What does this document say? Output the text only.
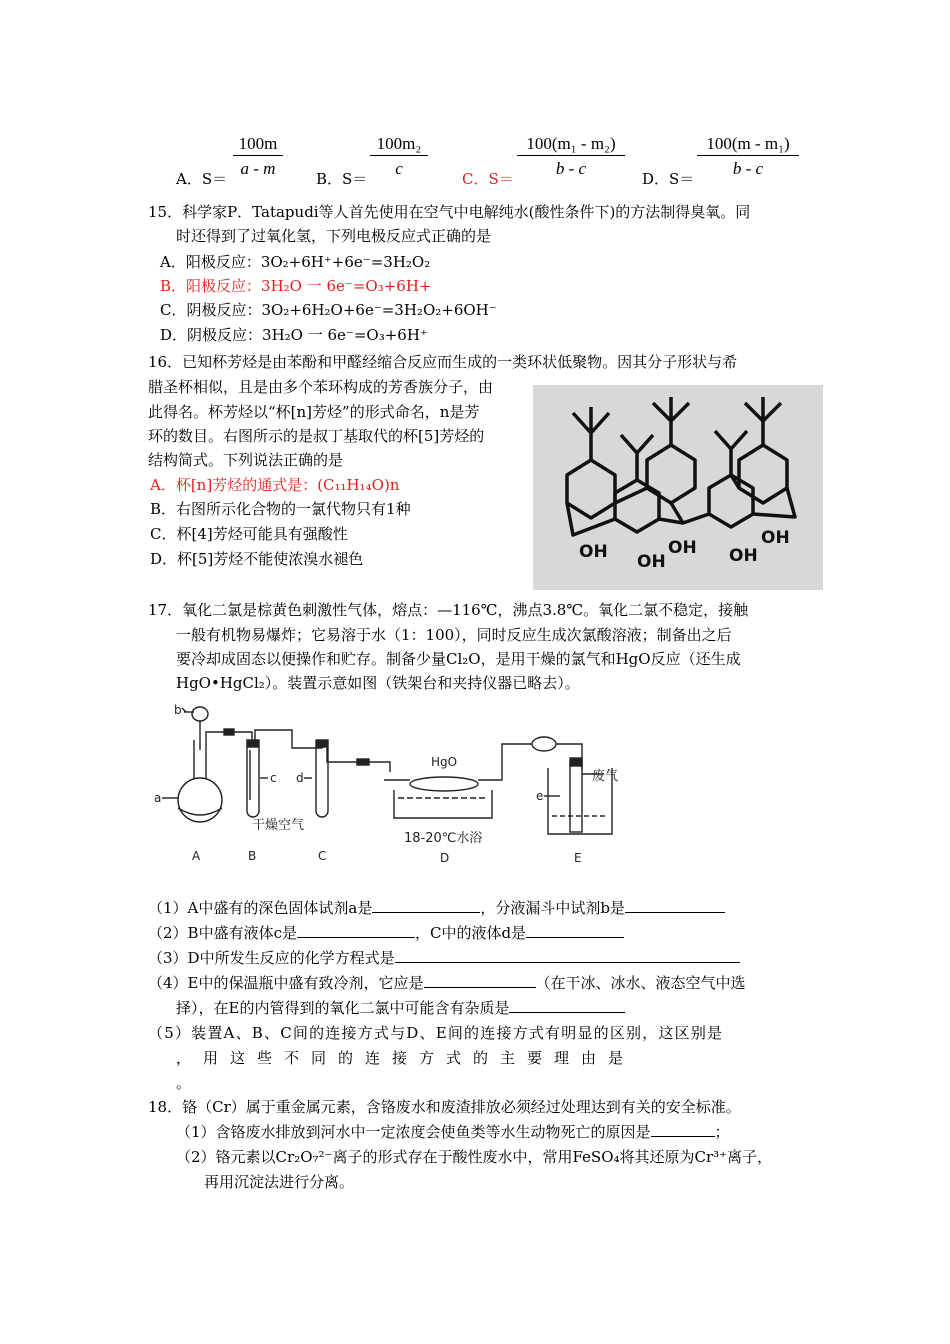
A．$S= \frac{100m}{a - m}$ B．$S= \frac{\text{100m₂}}{c}$ C．$S= \frac{\text{100(m₁ - m₂)}}{b - c}$ D．$S= \frac{\text{100(m - m₁)}}{b - c}$
15．科学家P．Tatapudi等人首先使用在空气中电解纯水(酸性条件下)的方法制得臭氧。同
时还得到了过氧化氢，下列电极反应式正确的是
A．阳极反应：3O₂+6H⁺+6e⁻=3H₂O₂
B．阳极反应：3H₂O 一 6e⁻=O₃+6H+
C．阴极反应：3O₂+6H₂O+6e⁻=3H₂O₂+6OH⁻
D．阴极反应：3H₂O 一 6e⁻=O₃+6H⁺
16．已知杯芳烃是由苯酚和甲醛经缩合反应而生成的一类环状低聚物。因其分子形状与希
腊圣杯相似，且是由多个苯环构成的芳香族分子，由
此得名。杯芳烃以“杯[n]芳烃”的形式命名，n是芳
环的数目。右图所示的是叔丁基取代的杯[5]芳烃的
结构简式。下列说法正确的是
A．杯[n]芳烃的通式是：(C₁₁H₁₄O)n
B．右图所示化合物的一氯代物只有1种
C．杯[4]芳烃可能具有强酸性
D．杯[5]芳烃不能使浓溴水褪色	OH OH
OH OH
OH
17．氧化二氯是棕黄色刺激性气体，熔点：—116℃，沸点3.8℃。氧化二氯不稳定，接触
一般有机物易爆炸；它易溶于水（1：100），同时反应生成次氯酸溶液；制备出之后
要冷却成固态以便操作和贮存。制备少量Cl₂O，是用干燥的氯气和HgO反应（还生成
HgO•HgCl₂）。装置示意如图（铁架台和夹持仪器已略去）。
b
a
c d
e
HgO
干燥空气
废气
18-20℃水浴
A	B	C	D	E
（1）A中盛有的深色固体试剂a是	，分液漏斗中试剂b是
（2）B中盛有液体c是	，C中的液体d是
（3）D中所发生反应的化学方程式是
（4）E中的保温瓶中盛有致冷剂，它应是	（在干冰、冰水、液态空气中选
择），在E的内管得到的氧化二氯中可能含有杂质是
（5）装置A、B、C间的连接方式与D、E间的连接方式有明显的区别，这区别是
，用这些不同的连接方式的主要理由是
。
18．铬（Cr）属于重金属元素，含铬废水和废渣排放必须经过处理达到有关的安全标准。
（1）含铬废水排放到河水中一定浓度会使鱼类等水生动物死亡的原因是	；
（2）铬元素以Cr₂O₇²⁻离子的形式存在于酸性废水中，常用FeSO₄将其还原为Cr³⁺离子，
再用沉淀法进行分离。
